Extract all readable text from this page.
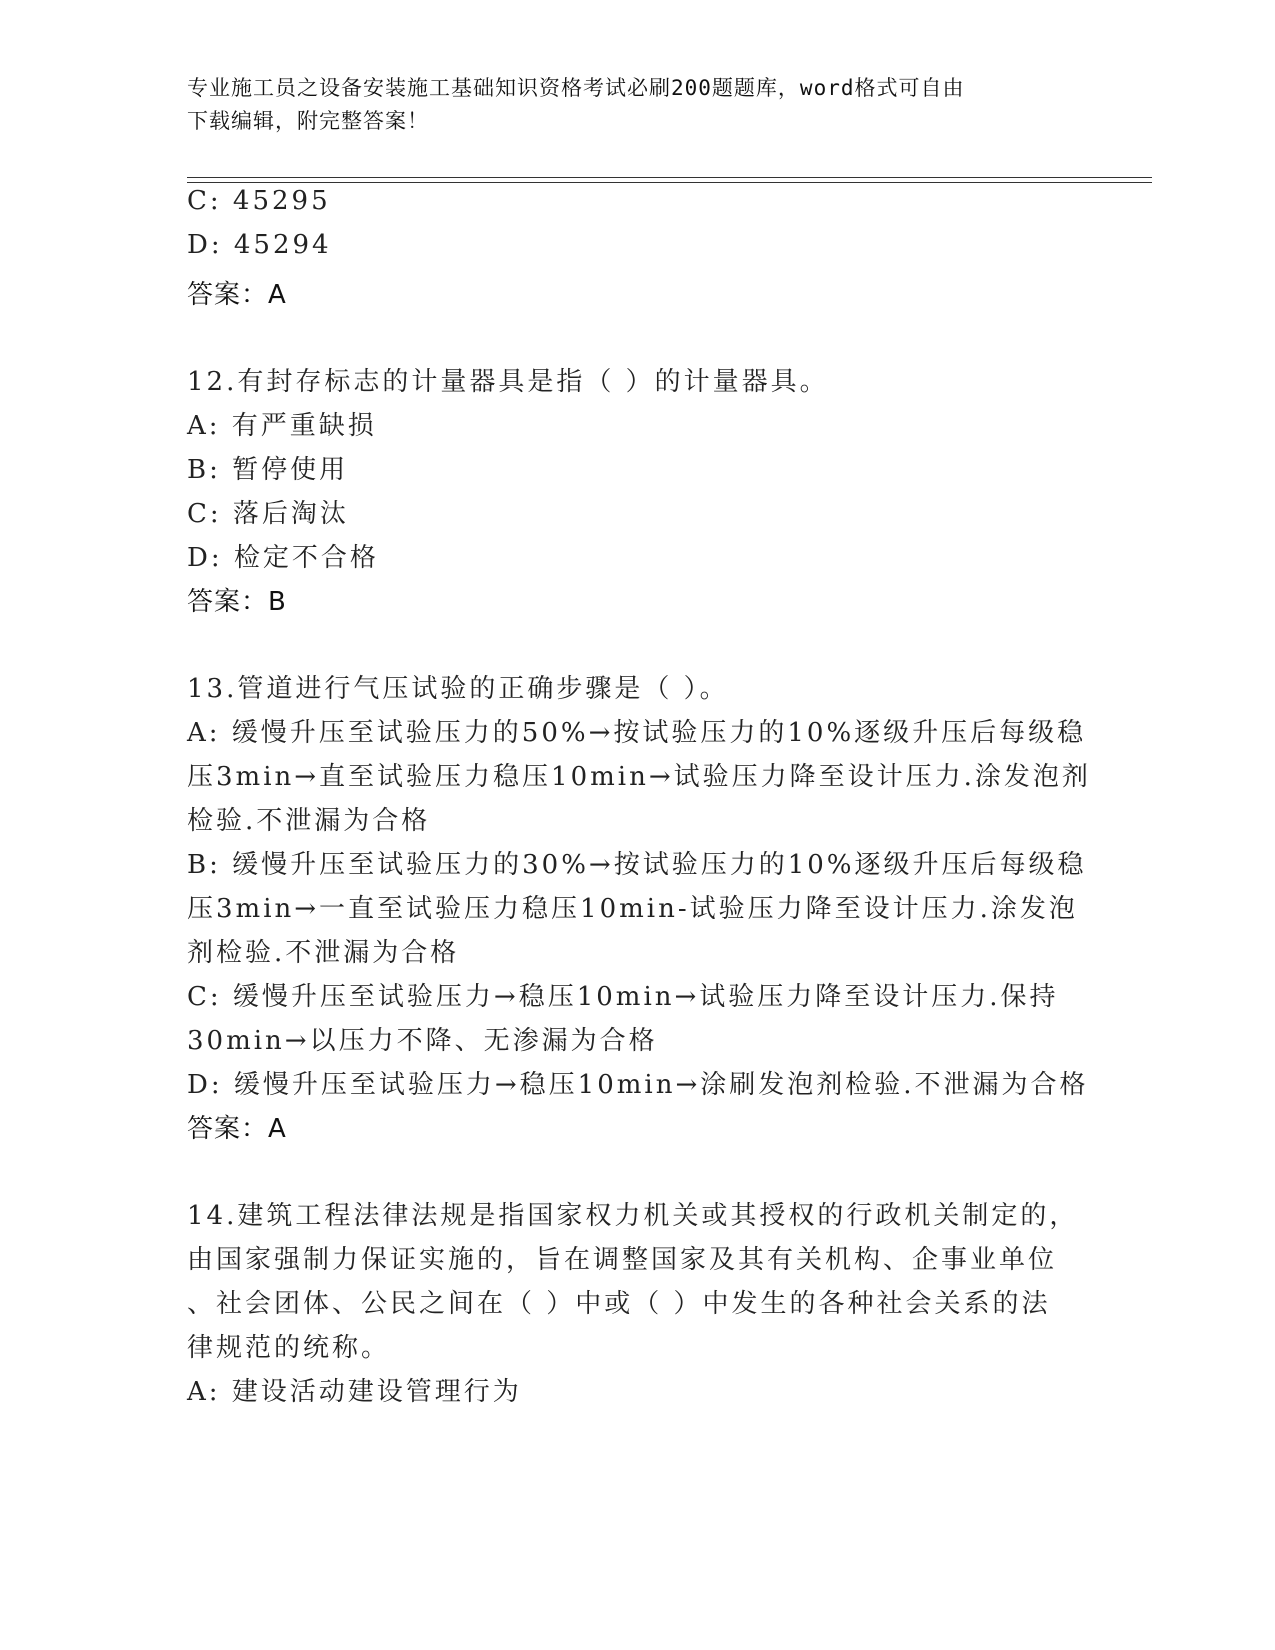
专业施工员之设备安装施工基础知识资格考试必刷200题题库，word格式可自由
下载编辑，附完整答案！
C: 45295
D: 45294
答案：A
12.有封存标志的计量器具是指（ ）的计量器具。
A: 有严重缺损
B: 暂停使用
C: 落后淘汰
D: 检定不合格
答案：B
13.管道进行气压试验的正确步骤是（ ）。
A: 缓慢升压至试验压力的50%→按试验压力的10%逐级升压后每级稳
压3min→直至试验压力稳压10min→试验压力降至设计压力.涂发泡剂
检验.不泄漏为合格
B: 缓慢升压至试验压力的30%→按试验压力的10%逐级升压后每级稳
压3min→一直至试验压力稳压10min-试验压力降至设计压力.涂发泡
剂检验.不泄漏为合格
C: 缓慢升压至试验压力→稳压10min→试验压力降至设计压力.保持
30min→以压力不降、无渗漏为合格
D: 缓慢升压至试验压力→稳压10min→涂刷发泡剂检验.不泄漏为合格
答案：A
14.建筑工程法律法规是指国家权力机关或其授权的行政机关制定的，
由国家强制力保证实施的，旨在调整国家及其有关机构、企事业单位
、社会团体、公民之间在（ ）中或（ ）中发生的各种社会关系的法
律规范的统称。
A: 建设活动建设管理行为
